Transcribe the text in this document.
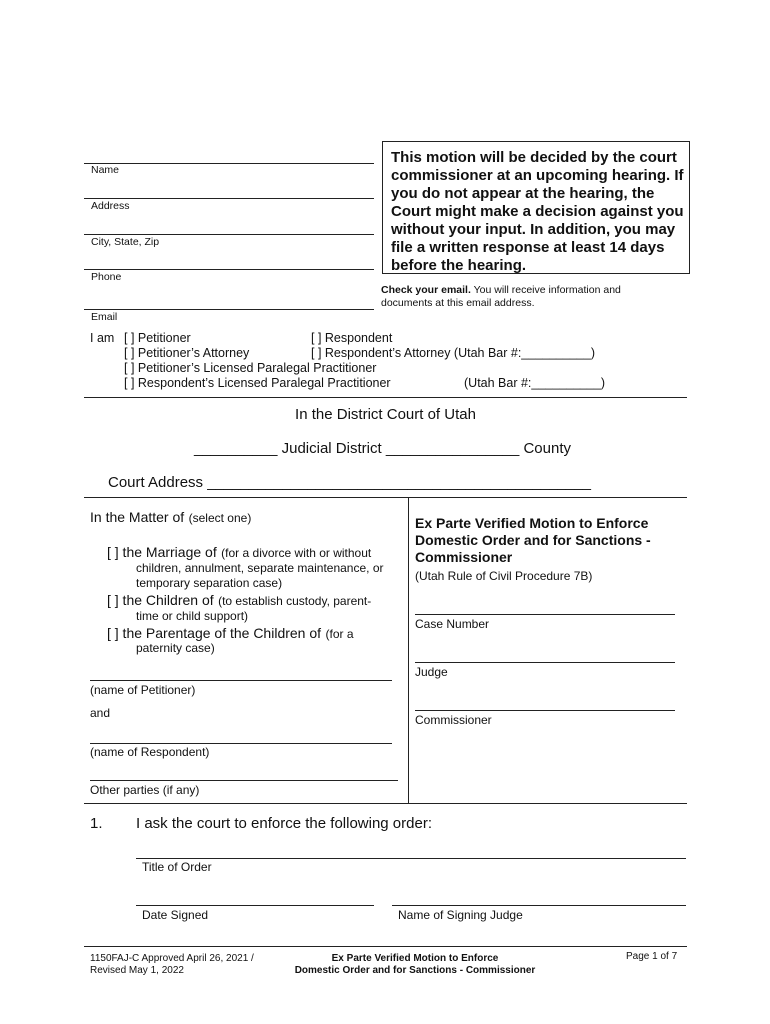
Name
Address
City, State, Zip
Phone
Email
This motion will be decided by the court
commissioner at an upcoming hearing. If
you do not appear at the hearing, the
Court might make a decision against you
without your input. In addition, you may
file a written response at least 14 days
before the hearing.
Check your email. You will receive information and
documents at this email address.
I am [ ] Petitioner	[ ] Respondent
[ ] Petitioner’s Attorney	[ ] Respondent’s Attorney (Utah Bar #:__________)
[ ] Petitioner’s Licensed Paralegal Practitioner
[ ] Respondent’s Licensed Paralegal Practitioner	(Utah Bar #:__________)
In the District Court of Utah
__________ Judicial District ________________ County
Court Address ______________________________________________
In the Matter of (select one)
[ ] the Marriage of (for a divorce with or without
children, annulment, separate maintenance, or
temporary separation case)
[ ] the Children of (to establish custody, parent-
time or child support)
[ ] the Parentage of the Children of (for a
paternity case)
(name of Petitioner)
and
(name of Respondent)
Other parties (if any)
Ex Parte Verified Motion to Enforce
Domestic Order and for Sanctions -
Commissioner
(Utah Rule of Civil Procedure 7B)
Case Number
Judge
Commissioner
1. I ask the court to enforce the following order:
Title of Order
Date Signed	Name of Signing Judge
1150FAJ-C Approved April 26, 2021 /
Revised May 1, 2022
Ex Parte Verified Motion to Enforce
Domestic Order and for Sanctions - Commissioner
Page 1 of 7
